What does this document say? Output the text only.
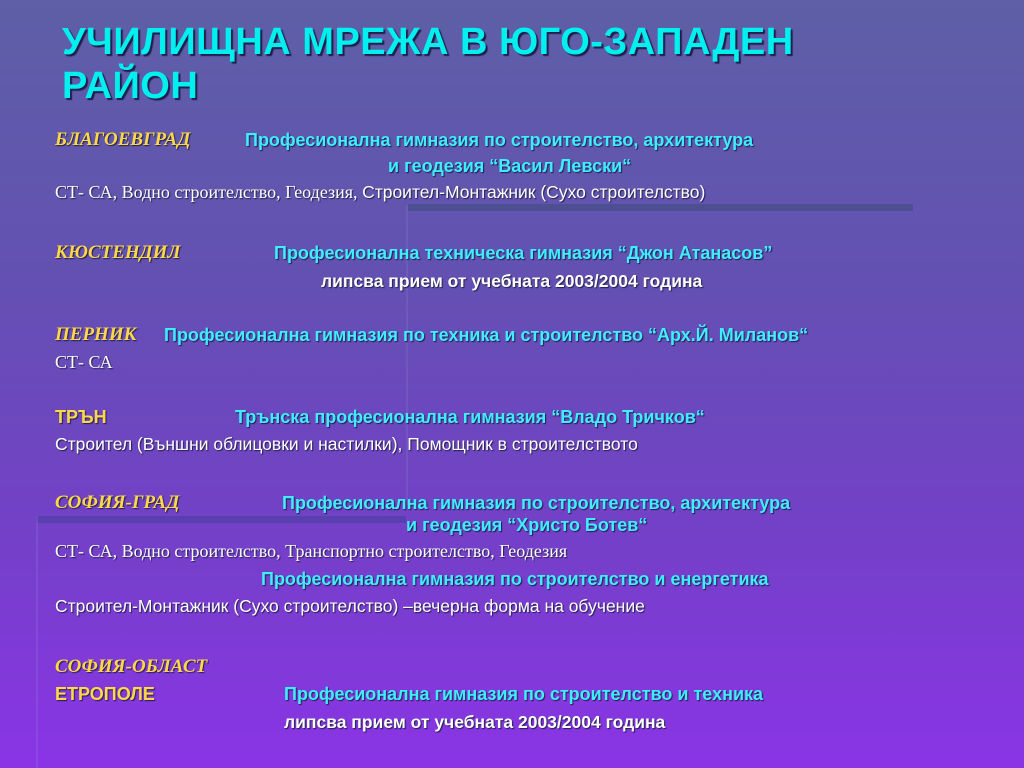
УЧИЛИЩНА МРЕЖА В ЮГО-ЗАПАДЕН
РАЙОН
БЛАГОЕВГРАД	Професионална гимназия по строителство, архитектура
и геодезия “Васил Левски“
СТ- СА, Водно строителство, Геодезия, Строител-Монтажник (Сухо строителство)
КЮСТЕНДИЛ	Професионална техническа гимназия “Джон Атанасов”
липсва прием от учебната 2003/2004 година
ПЕРНИК Професионална гимназия по техника и строителство “Арх.Й. Миланов“
СТ- СА
ТРЪН	Трънска професионална гимназия “Владо Тричков“
Строител (Външни облицовки и настилки), Помощник в строителството
СОФИЯ-ГРАД	Професионална гимназия по строителство, архитектура
и геодезия “Христо Ботев“
СТ- СА, Водно строителство, Транспортно строителство, Геодезия
Професионална гимназия по строителство и енергетика
Строител-Монтажник (Сухо строителство) –вечерна форма на обучение
СОФИЯ-ОБЛАСТ
ЕТРОПОЛЕ	Професионална гимназия по строителство и техника
липсва прием от учебната 2003/2004 година
